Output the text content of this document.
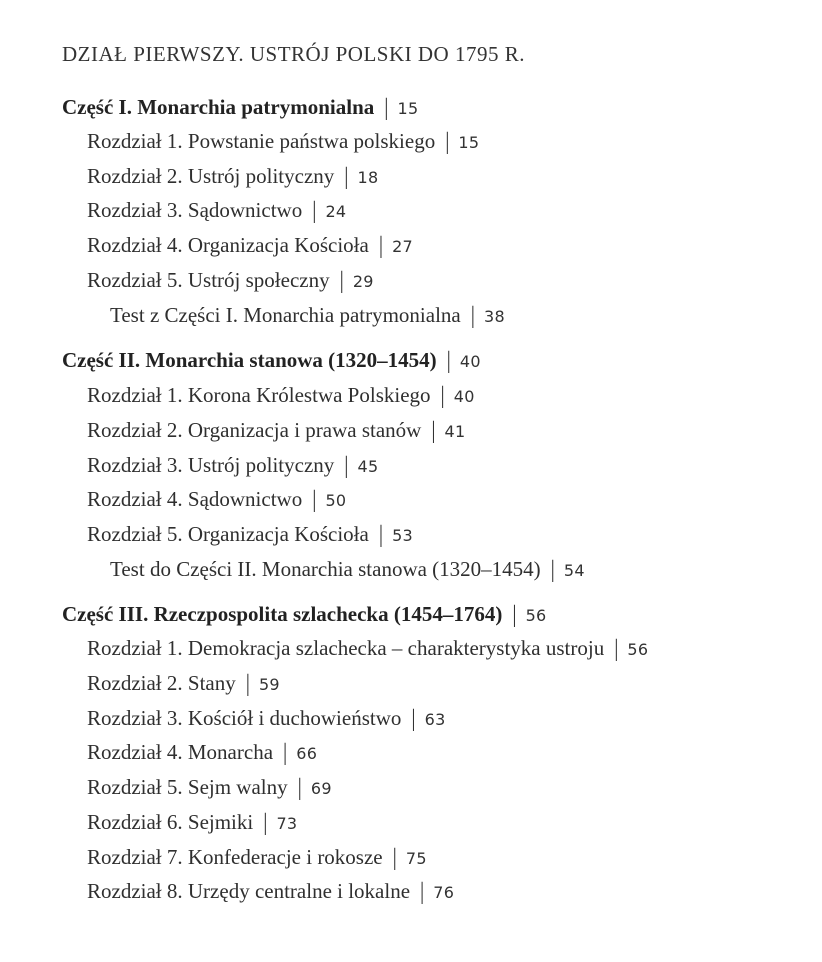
DZIAŁ PIERWSZY. USTRÓJ POLSKI DO 1795 R.
Część I. Monarchia patrymonialna | 15
Rozdział 1. Powstanie państwa polskiego | 15
Rozdział 2. Ustrój polityczny | 18
Rozdział 3. Sądownictwo | 24
Rozdział 4. Organizacja Kościoła | 27
Rozdział 5. Ustrój społeczny | 29
Test z Części I. Monarchia patrymonialna | 38
Część II. Monarchia stanowa (1320–1454) | 40
Rozdział 1. Korona Królestwa Polskiego | 40
Rozdział 2. Organizacja i prawa stanów | 41
Rozdział 3. Ustrój polityczny | 45
Rozdział 4. Sądownictwo | 50
Rozdział 5. Organizacja Kościoła | 53
Test do Części II. Monarchia stanowa (1320–1454) | 54
Część III. Rzeczpospolita szlachecka (1454–1764) | 56
Rozdział 1. Demokracja szlachecka – charakterystyka ustroju | 56
Rozdział 2. Stany | 59
Rozdział 3. Kościół i duchowieństwo | 63
Rozdział 4. Monarcha | 66
Rozdział 5. Sejm walny | 69
Rozdział 6. Sejmiki | 73
Rozdział 7. Konfederacje i rokosze | 75
Rozdział 8. Urzędy centralne i lokalne | 76
